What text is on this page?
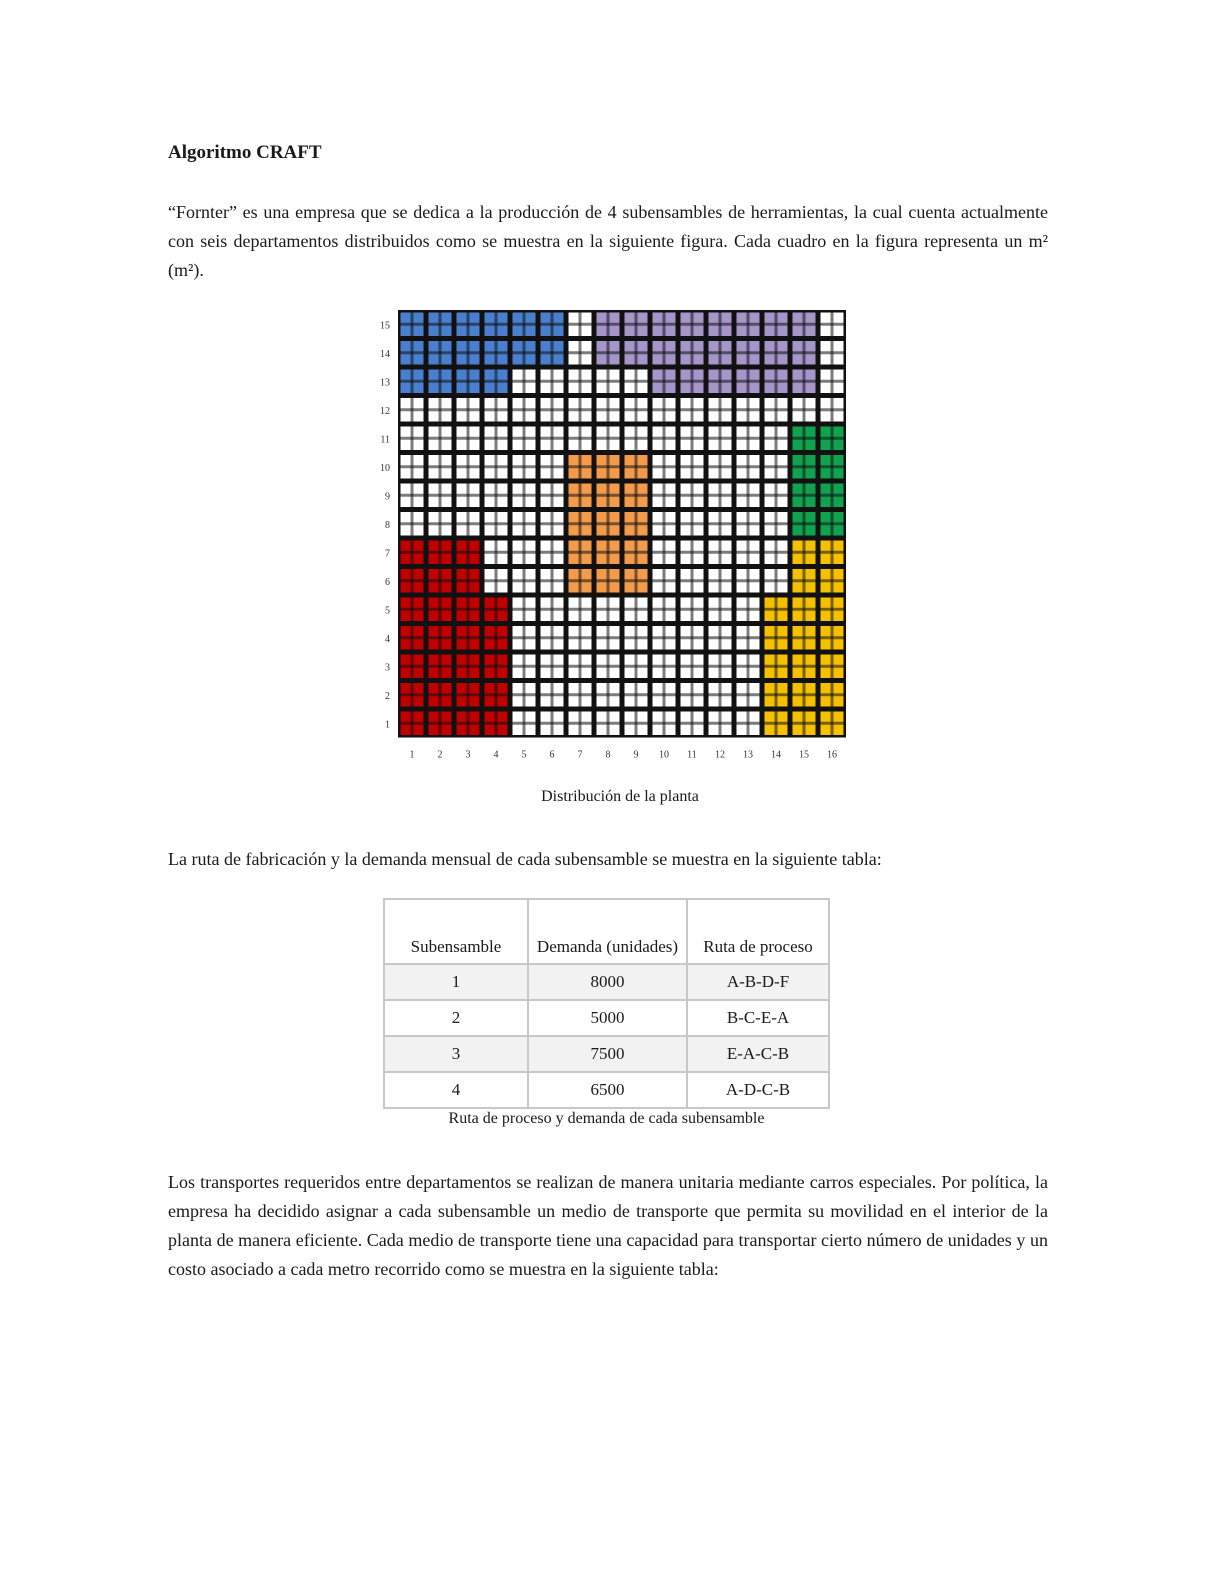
Algoritmo CRAFT

“Fornter” es una empresa que se dedica a la producción de 4 subensambles de herramientas, la cual cuenta actualmente con seis departamentos distribuidos como se muestra en la siguiente figura. Cada cuadro en la figura representa un m² (m²).

1 2 3 4 5 6 7 8 9 10 11 12 13 14 15 16
15
14
13
12
11
10
9
8
7
6
5
4
3
2
1
Distribución de la planta

La ruta de fabricación y la demanda mensual de cada subensamble se muestra en la siguiente tabla:

Subensamble	Demanda (unidades)	Ruta de proceso
1	8000	A-B-D-F
2	5000	B-C-E-A
3	7500	E-A-C-B
4	6500	A-D-C-B
Ruta de proceso y demanda de cada subensamble

Los transportes requeridos entre departamentos se realizan de manera unitaria mediante carros especiales. Por política, la empresa ha decidido asignar a cada subensamble un medio de transporte que permita su movilidad en el interior de la planta de manera eficiente. Cada medio de transporte tiene una capacidad para transportar cierto número de unidades y un costo asociado a cada metro recorrido como se muestra en la siguiente tabla:
